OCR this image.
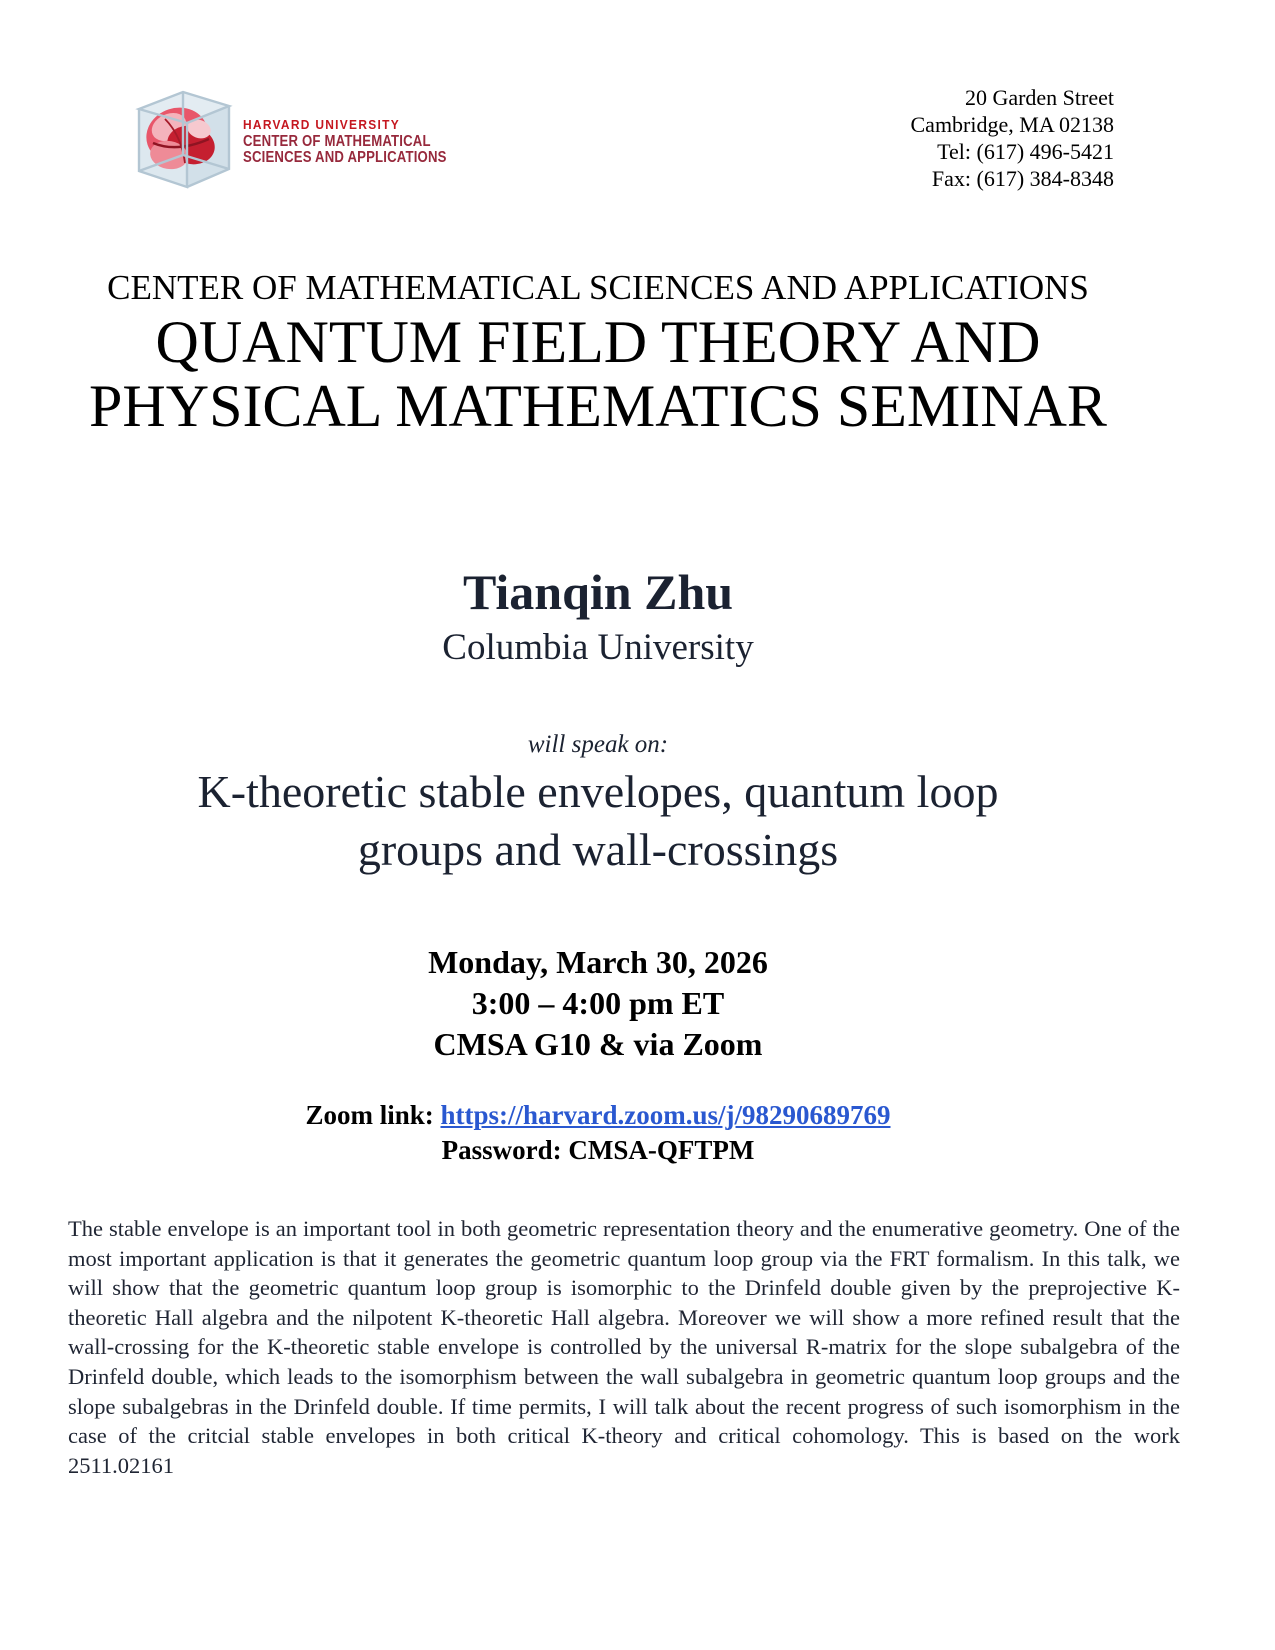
HARVARD UNIVERSITY
CENTER OF MATHEMATICAL
SCIENCES AND APPLICATIONS
20 Garden Street
Cambridge, MA 02138
Tel: (617) 496-5421
Fax: (617) 384-8348
CENTER OF MATHEMATICAL SCIENCES AND APPLICATIONS
QUANTUM FIELD THEORY AND
PHYSICAL MATHEMATICS SEMINAR
Tianqin Zhu
Columbia University
will speak on:
K-theoretic stable envelopes, quantum loop
groups and wall-crossings
Monday, March 30, 2026
3:00 – 4:00 pm ET
CMSA G10 & via Zoom
Zoom link: https://harvard.zoom.us/j/98290689769
Password: CMSA-QFTPM
The stable envelope is an important tool in both geometric representation theory and the enumerative geometry. One of the most important application is that it generates the geometric quantum loop group via the FRT formalism. In this talk, we will show that the geometric quantum loop group is isomorphic to the Drinfeld double given by the preprojective K-theoretic Hall algebra and the nilpotent K-theoretic Hall algebra. Moreover we will show a more refined result that the wall-crossing for the K-theoretic stable envelope is controlled by the universal R-matrix for the slope subalgebra of the Drinfeld double, which leads to the isomorphism between the wall subalgebra in geometric quantum loop groups and the slope subalgebras in the Drinfeld double. If time permits, I will talk about the recent progress of such isomorphism in the case of the critcial stable envelopes in both critical K-theory and critical cohomology. This is based on the work 2511.02161
